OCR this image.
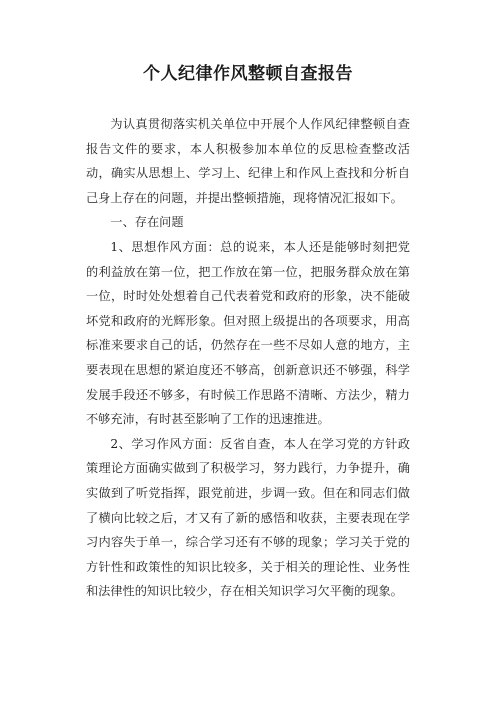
个人纪律作风整顿自查报告

为认真贯彻落实机关单位中开展个人作风纪律整顿自查报告文件的要求，本人积极参加本单位的反思检查整改活动，确实从思想上、学习上、纪律上和作风上查找和分析自己身上存在的问题，并提出整顿措施，现将情况汇报如下。

一、存在问题

1、思想作风方面：总的说来，本人还是能够时刻把党的利益放在第一位，把工作放在第一位，把服务群众放在第一位，时时处处想着自己代表着党和政府的形象，决不能破坏党和政府的光辉形象。但对照上级提出的各项要求，用高标准来要求自己的话，仍然存在一些不尽如人意的地方，主要表现在思想的紧迫度还不够高，创新意识还不够强，科学发展手段还不够多，有时候工作思路不清晰、方法少，精力不够充沛，有时甚至影响了工作的迅速推进。

2、学习作风方面：反省自查，本人在学习党的方针政策理论方面确实做到了积极学习，努力践行，力争提升，确实做到了听党指挥，跟党前进，步调一致。但在和同志们做了横向比较之后，才又有了新的感悟和收获，主要表现在学习内容失于单一，综合学习还有不够的现象；学习关于党的方针性和政策性的知识比较多，关于相关的理论性、业务性和法律性的知识比较少，存在相关知识学习欠平衡的现象。
